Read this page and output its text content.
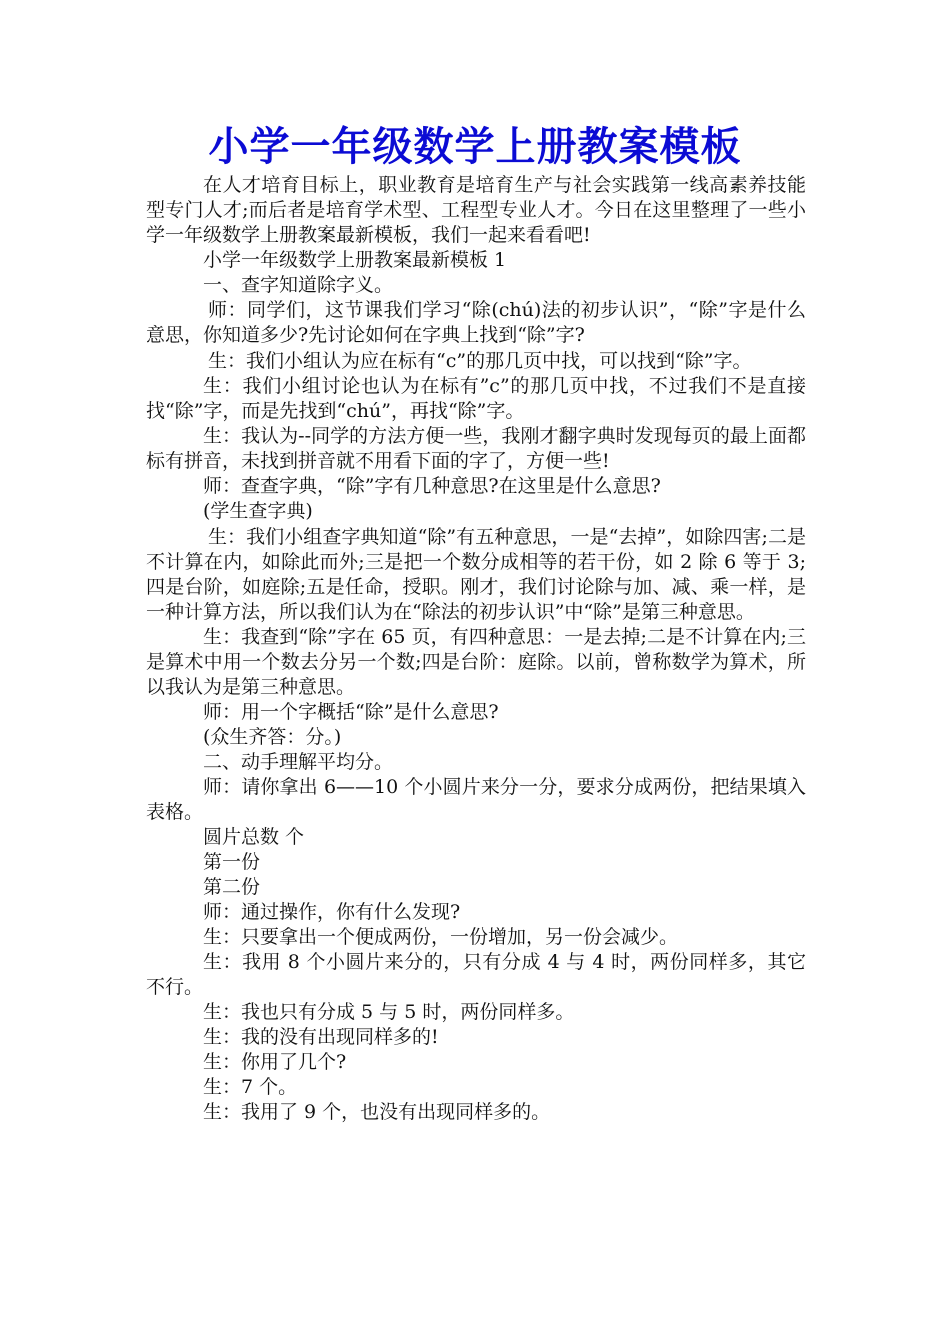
小学一年级数学上册教案模板

在人才培育目标上，职业教育是培育生产与社会实践第一线高素养技能型专门人才;而后者是培育学术型、工程型专业人才。今日在这里整理了一些小学一年级数学上册教案最新模板，我们一起来看看吧!

小学一年级数学上册教案最新模板 1

一、查字知道除字义。

师：同学们，这节课我们学习“除(chú)法的初步认识”，“除”字是什么意思，你知道多少?先讨论如何在字典上找到“除”字?

生：我们小组认为应在标有“c”的那几页中找，可以找到“除”字。

生：我们小组讨论也认为在标有”c”的那几页中找，不过我们不是直接找“除”字，而是先找到“chú”，再找“除”字。

生：我认为--同学的方法方便一些，我刚才翻字典时发现每页的最上面都标有拼音，未找到拼音就不用看下面的字了，方便一些!

师：查查字典，“除”字有几种意思?在这里是什么意思?

(学生查字典)

生：我们小组查字典知道“除”有五种意思，一是“去掉”，如除四害;二是不计算在内，如除此而外;三是把一个数分成相等的若干份，如 2 除 6 等于 3;四是台阶，如庭除;五是任命，授职。刚才，我们讨论除与加、减、乘一样，是一种计算方法，所以我们认为在“除法的初步认识”中“除”是第三种意思。

生：我查到“除”字在 65 页，有四种意思：一是去掉;二是不计算在内;三是算术中用一个数去分另一个数;四是台阶：庭除。以前，曾称数学为算术，所以我认为是第三种意思。

师：用一个字概括“除”是什么意思?

(众生齐答：分。)

二、动手理解平均分。

师：请你拿出 6——10 个小圆片来分一分，要求分成两份，把结果填入表格。

圆片总数 个

第一份

第二份

师：通过操作，你有什么发现?

生：只要拿出一个便成两份，一份增加，另一份会减少。

生：我用 8 个小圆片来分的，只有分成 4 与 4 时，两份同样多，其它不行。

生：我也只有分成 5 与 5 时，两份同样多。

生：我的没有出现同样多的!

生：你用了几个?

生：7 个。

生：我用了 9 个，也没有出现同样多的。
